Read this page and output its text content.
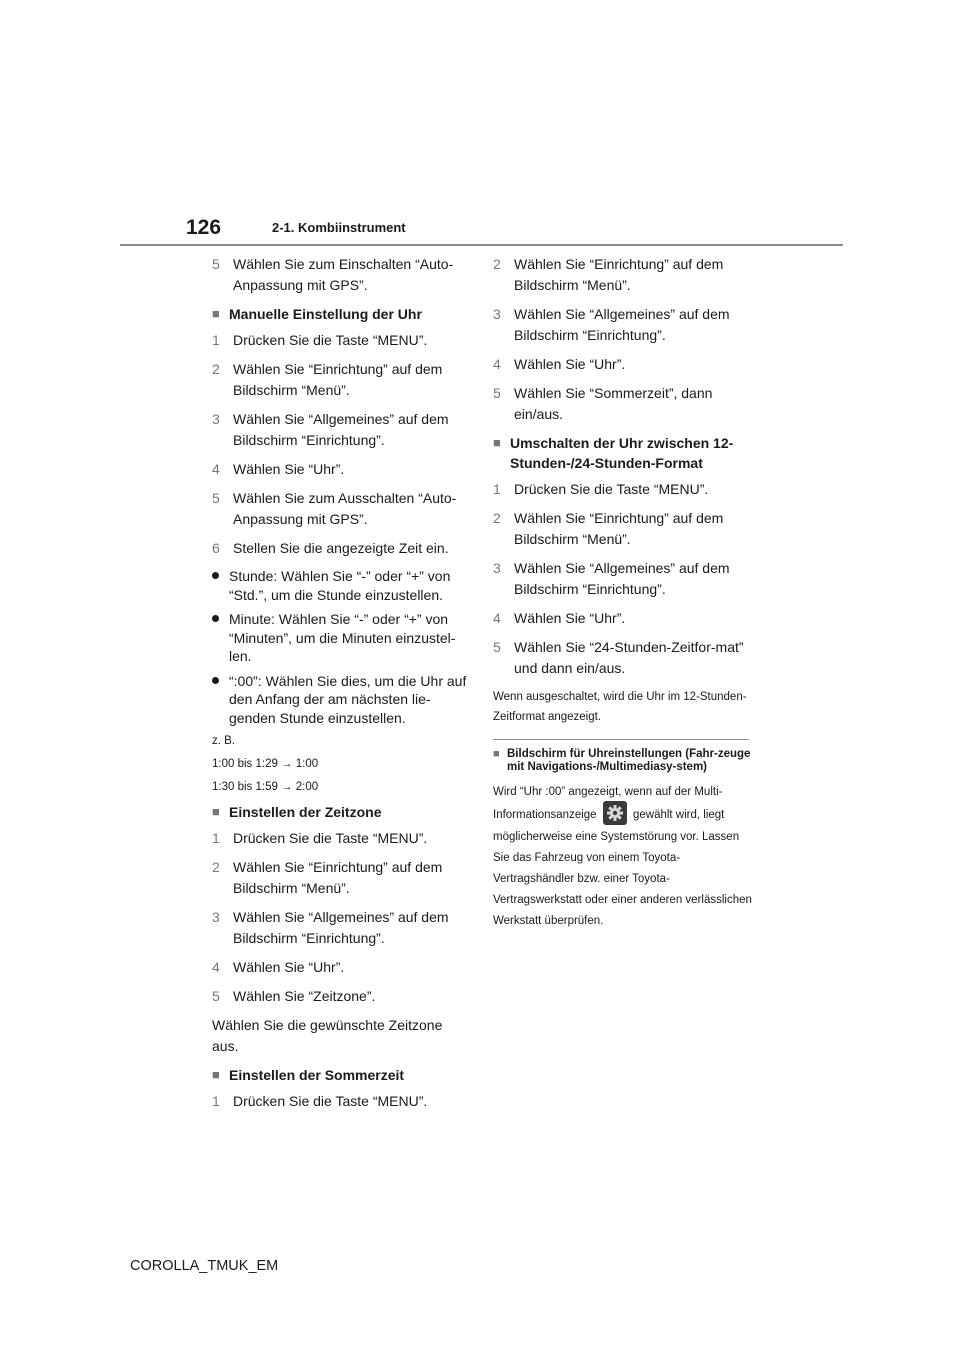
126	2-1. Kombiinstrument
5 Wählen Sie zum Einschalten “Auto-Anpassung mit GPS”.
■ Manuelle Einstellung der Uhr
1 Drücken Sie die Taste “MENU”.
2 Wählen Sie “Einrichtung” auf dem Bildschirm “Menü”.
3 Wählen Sie “Allgemeines” auf dem Bildschirm “Einrichtung”.
4 Wählen Sie “Uhr”.
5 Wählen Sie zum Ausschalten “Auto-Anpassung mit GPS”.
6 Stellen Sie die angezeigte Zeit ein.
Stunde: Wählen Sie “-” oder “+” von “Std.”, um die Stunde einzustellen.
Minute: Wählen Sie “-” oder “+” von “Minuten”, um die Minuten einzustel-len.
“:00”: Wählen Sie dies, um die Uhr auf den Anfang der am nächsten lie-genden Stunde einzustellen.
z. B.
1:00 bis 1:29 → 1:00
1:30 bis 1:59 → 2:00
■ Einstellen der Zeitzone
1 Drücken Sie die Taste “MENU”.
2 Wählen Sie “Einrichtung” auf dem Bildschirm “Menü”.
3 Wählen Sie “Allgemeines” auf dem Bildschirm “Einrichtung”.
4 Wählen Sie “Uhr”.
5 Wählen Sie “Zeitzone”.
Wählen Sie die gewünschte Zeitzone aus.
■ Einstellen der Sommerzeit
1 Drücken Sie die Taste “MENU”.
2 Wählen Sie “Einrichtung” auf dem Bildschirm “Menü”.
3 Wählen Sie “Allgemeines” auf dem Bildschirm “Einrichtung”.
4 Wählen Sie “Uhr”.
5 Wählen Sie “Sommerzeit”, dann ein/aus.
■ Umschalten der Uhr zwischen 12-Stunden-/24-Stunden-Format
1 Drücken Sie die Taste “MENU”.
2 Wählen Sie “Einrichtung” auf dem Bildschirm “Menü”.
3 Wählen Sie “Allgemeines” auf dem Bildschirm “Einrichtung”.
4 Wählen Sie “Uhr”.
5 Wählen Sie “24-Stunden-Zeitfor-mat” und dann ein/aus.
Wenn ausgeschaltet, wird die Uhr im 12-Stunden-Zeitformat angezeigt.
■ Bildschirm für Uhreinstellungen (Fahr-zeuge mit Navigations-/Multimediasy-stem)
Wird “Uhr :00” angezeigt, wenn auf der Multi-Informationsanzeige	gewählt wird, liegt möglicherweise eine Systemstörung vor. Lassen Sie das Fahrzeug von einem Toyota-Vertragshändler bzw. einer Toyota-Vertragswerkstatt oder einer anderen verlässlichen Werkstatt überprüfen.
COROLLA_TMUK_EM
